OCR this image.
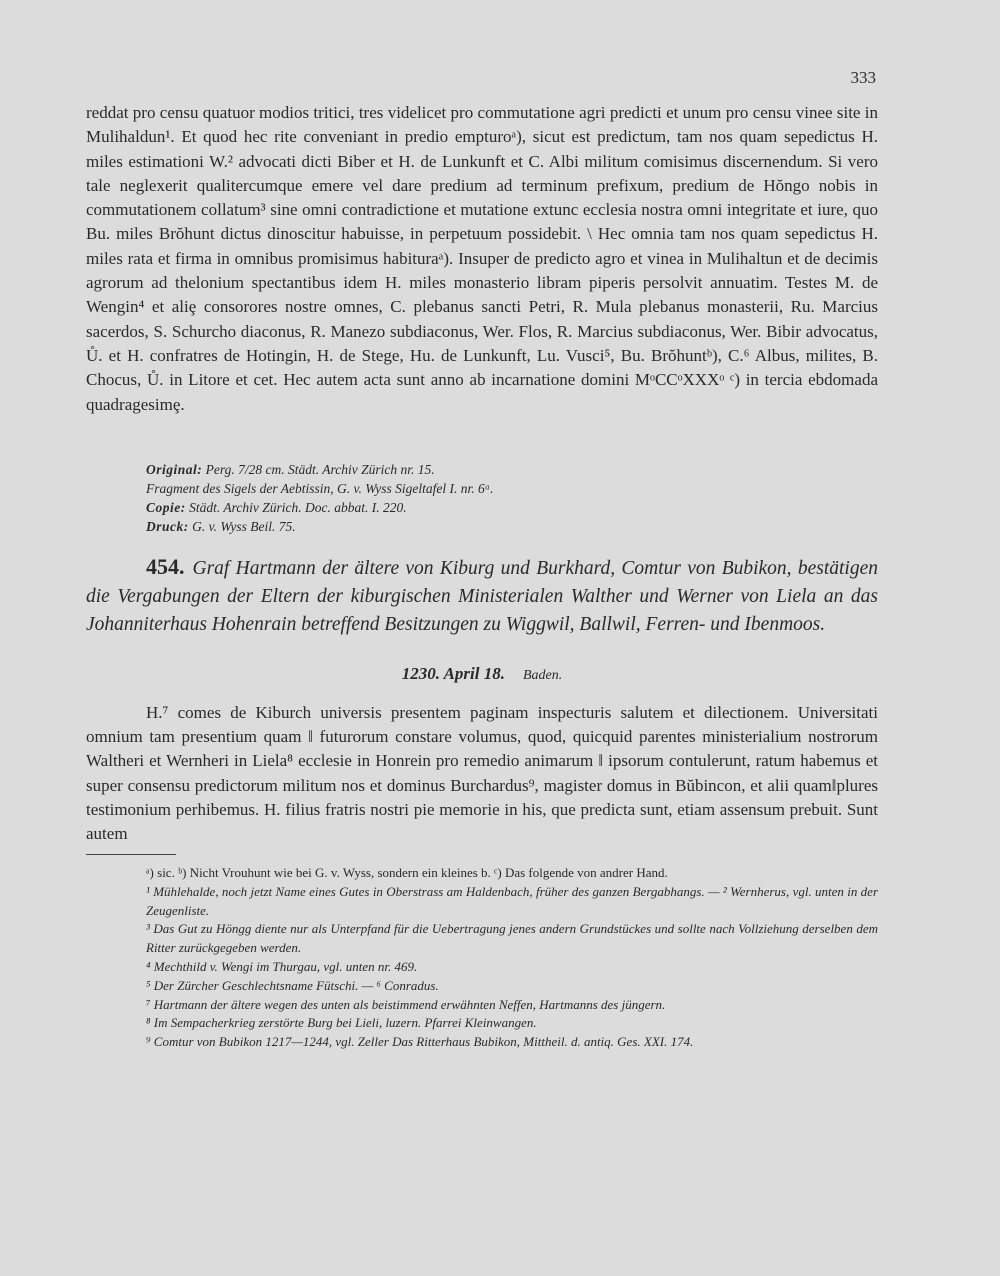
333

reddat pro censu quatuor modios tritici, tres videlicet pro commutatione agri predicti et unum pro censu vinee site in Mulihaldun¹. Et quod hec rite conveniant in predio empturoᵃ), sicut est predictum, tam nos quam sepedictus H. miles estimationi W.² advocati dicti Biber et H. de Lunkunft et C. Albi militum comisimus discernendum. Si vero tale neglexerit qualitercumque emere vel dare predium ad terminum prefixum, predium de Hŏngo nobis in commutationem collatum³ sine omni contradictione et mutatione extunc ecclesia nostra omni integritate et iure, quo Bu. miles Brŏhunt dictus dinoscitur habuisse, in perpetuum possidebit. \ Hec omnia tam nos quam sepedictus H. miles rata et firma in omnibus promisimus habituraᵃ). Insuper de predicto agro et vinea in Mulihaltun et de decimis agrorum ad thelonium spectantibus idem H. miles monasterio libram piperis persolvit annuatim. Testes M. de Wengin⁴ et aliȩ consorores nostre omnes, C. plebanus sancti Petri, R. Mula plebanus monasterii, Ru. Marcius sacerdos, S. Schurcho diaconus, R. Manezo subdiaconus, Wer. Flos, R. Marcius subdiaconus, Wer. Bibir advocatus, Ů. et H. confratres de Hotingin, H. de Stege, Hu. de Lunkunft, Lu. Vusci⁵, Bu. Brŏhuntᵇ), C.⁶ Albus, milites, B. Chocus, Ů. in Litore et cet. Hec autem acta sunt anno ab incarnatione domini MᵒCCᵒXXXᵒ ᶜ) in tercia ebdomada quadragesimȩ.

Original: Perg. 7/28 cm. Städt. Archiv Zürich nr. 15.
Fragment des Sigels der Aebtissin, G. v. Wyss Sigeltafel I. nr. 6ᵃ.
Copie: Städt. Archiv Zürich. Doc. abbat. I. 220.
Druck: G. v. Wyss Beil. 75.
454. Graf Hartmann der ältere von Kiburg und Burkhard, Comtur von Bubikon, bestätigen die Vergabungen der Eltern der kiburgischen Ministerialen Walther und Werner von Liela an das Johanniterhaus Hohenrain betreffend Besitzungen zu Wiggwil, Ballwil, Ferren- und Ibenmoos.
1230. April 18. Baden.

H.⁷ comes de Kiburch universis presentem paginam inspecturis salutem et dilectionem. Universitati omnium tam presentium quam ‖ futurorum constare volumus, quod, quicquid parentes ministerialium nostrorum Waltheri et Wernheri in Liela⁸ ecclesie in Honrein pro remedio animarum ‖ ipsorum contulerunt, ratum habemus et super consensu predictorum militum nos et dominus Burchardus⁹, magister domus in Bŭbincon, et alii quam‖plures testimonium perhibemus. H. filius fratris nostri pie memorie in his, que predicta sunt, etiam assensum prebuit. Sunt autem

ᵃ) sic. ᵇ) Nicht Vrouhunt wie bei G. v. Wyss, sondern ein kleines b. ᶜ) Das folgende von andrer Hand.
¹ Mühlehalde, noch jetzt Name eines Gutes in Oberstrass am Haldenbach, früher des ganzen Bergabhangs. — ² Wernherus, vgl. unten in der Zeugenliste.
³ Das Gut zu Höngg diente nur als Unterpfand für die Uebertragung jenes andern Grundstückes und sollte nach Vollziehung derselben dem Ritter zurückgegeben werden.
⁴ Mechthild v. Wengi im Thurgau, vgl. unten nr. 469.
⁵ Der Zürcher Geschlechtsname Fütschi. — ⁶ Conradus.
⁷ Hartmann der ältere wegen des unten als beistimmend erwähnten Neffen, Hartmanns des jüngern.
⁸ Im Sempacherkrieg zerstörte Burg bei Lieli, luzern. Pfarrei Kleinwangen.
⁹ Comtur von Bubikon 1217—1244, vgl. Zeller Das Ritterhaus Bubikon, Mittheil. d. antiq. Ges. XXI. 174.
